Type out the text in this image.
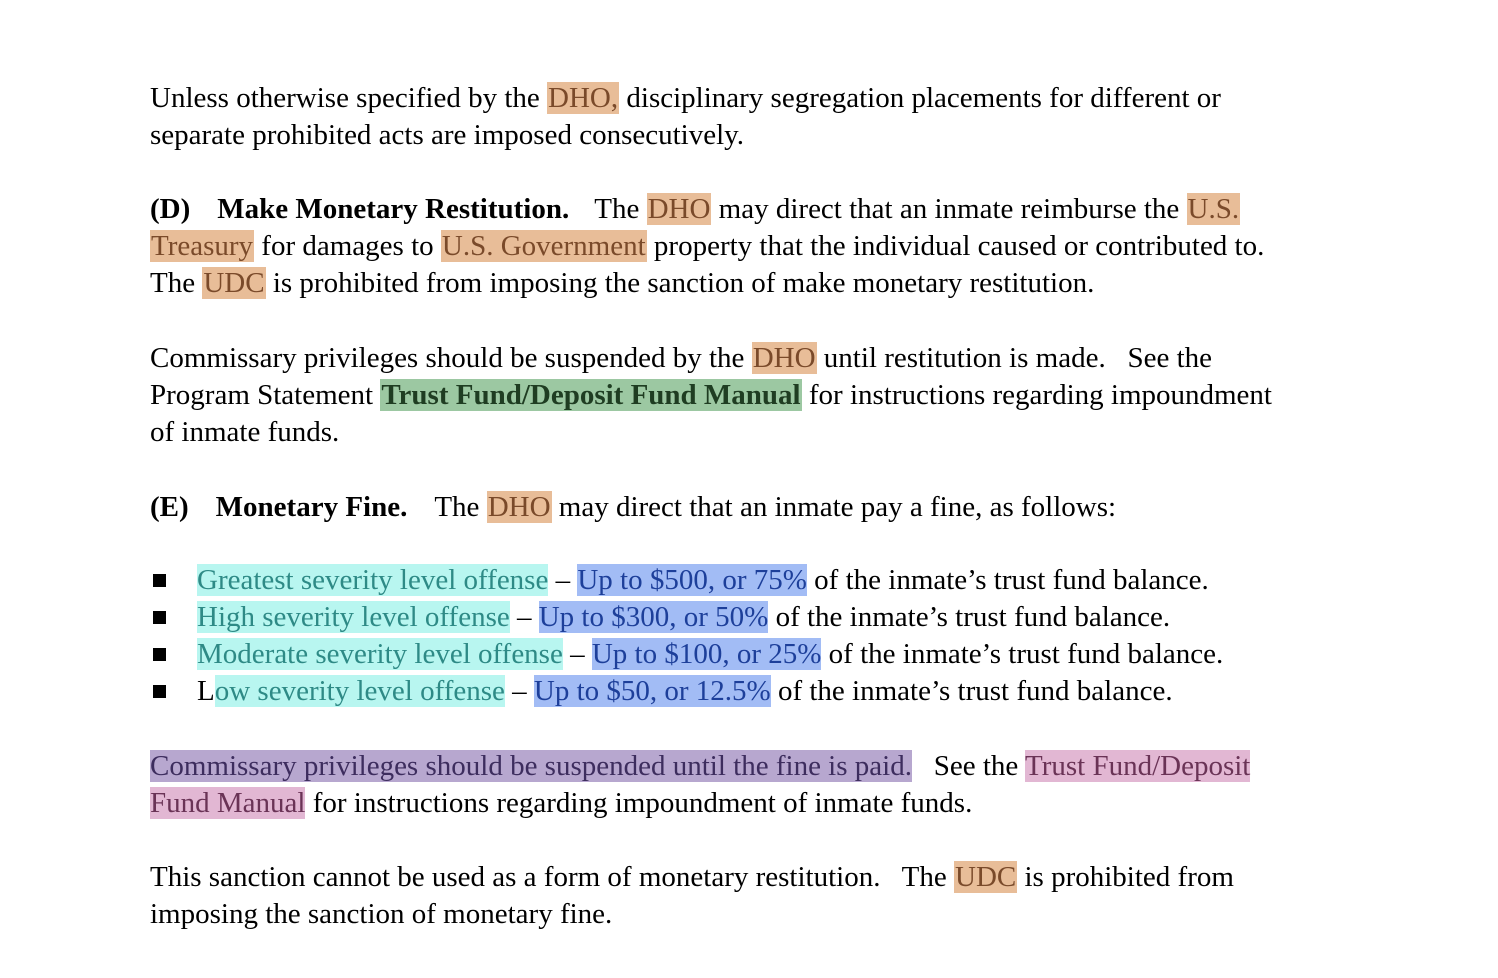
Unless otherwise specified by the DHO, disciplinary segregation placements for different or
separate prohibited acts are imposed consecutively.

(D) Make Monetary Restitution. The DHO may direct that an inmate reimburse the U.S.
Treasury for damages to U.S. Government property that the individual caused or contributed to.
The UDC is prohibited from imposing the sanction of make monetary restitution.

Commissary privileges should be suspended by the DHO until restitution is made.   See the
Program Statement Trust Fund/Deposit Fund Manual for instructions regarding impoundment
of inmate funds.

(E) Monetary Fine. The DHO may direct that an inmate pay a fine, as follows:

Greatest severity level offense – Up to $500, or 75% of the inmate’s trust fund balance.
High severity level offense – Up to $300, or 50% of the inmate’s trust fund balance.
Moderate severity level offense – Up to $100, or 25% of the inmate’s trust fund balance.
Low severity level offense – Up to $50, or 12.5% of the inmate’s trust fund balance.

Commissary privileges should be suspended until the fine is paid.   See the Trust Fund/Deposit
Fund Manual for instructions regarding impoundment of inmate funds.

This sanction cannot be used as a form of monetary restitution.   The UDC is prohibited from
imposing the sanction of monetary fine.
